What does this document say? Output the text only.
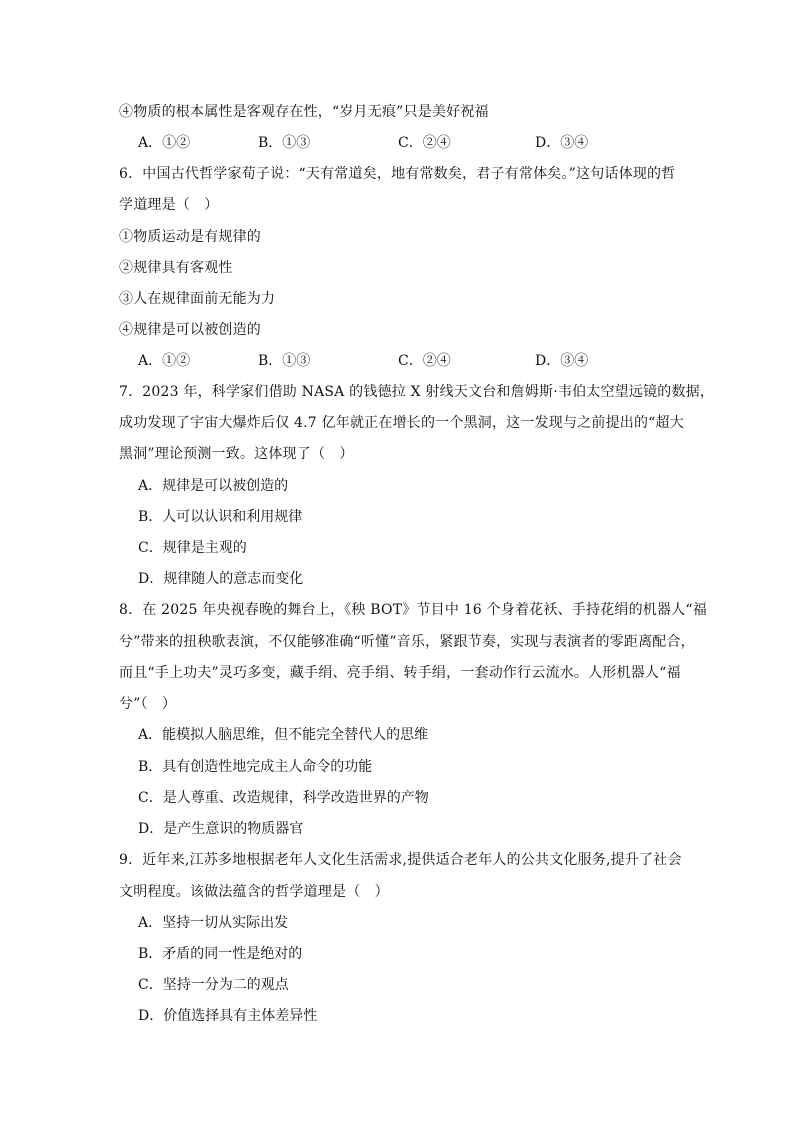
④物质的根本属性是客观存在性，“岁月无痕”只是美好祝福
A．①②	B．①③	C．②④	D．③④
6．中国古代哲学家荀子说：“天有常道矣，地有常数矣，君子有常体矣。”这句话体现的哲
学道理是（　）
①物质运动是有规律的
②规律具有客观性
③人在规律面前无能为力
④规律是可以被创造的
A．①②	B．①③	C．②④	D．③④
7．2023 年，科学家们借助 NASA 的钱德拉 X 射线天文台和詹姆斯·韦伯太空望远镜的数据，
成功发现了宇宙大爆炸后仅 4.7 亿年就正在增长的一个黑洞，这一发现与之前提出的“超大
黑洞”理论预测一致。这体现了（　）
A．规律是可以被创造的
B．人可以认识和利用规律
C．规律是主观的
D．规律随人的意志而变化
8．在 2025 年央视春晚的舞台上，《秧 BOT》节目中 16 个身着花袄、手持花绢的机器人“福
兮”带来的扭秧歌表演，不仅能够准确“听懂”音乐，紧跟节奏，实现与表演者的零距离配合，
而且“手上功夫”灵巧多变，藏手绢、亮手绢、转手绢，一套动作行云流水。人形机器人“福
兮”（　）
A．能模拟人脑思维，但不能完全替代人的思维
B．具有创造性地完成主人命令的功能
C．是人尊重、改造规律，科学改造世界的产物
D．是产生意识的物质器官
9．近年来,江苏多地根据老年人文化生活需求,提供适合老年人的公共文化服务,提升了社会
文明程度。该做法蕴含的哲学道理是（　）
A．坚持一切从实际出发
B．矛盾的同一性是绝对的
C．坚持一分为二的观点
D．价值选择具有主体差异性
